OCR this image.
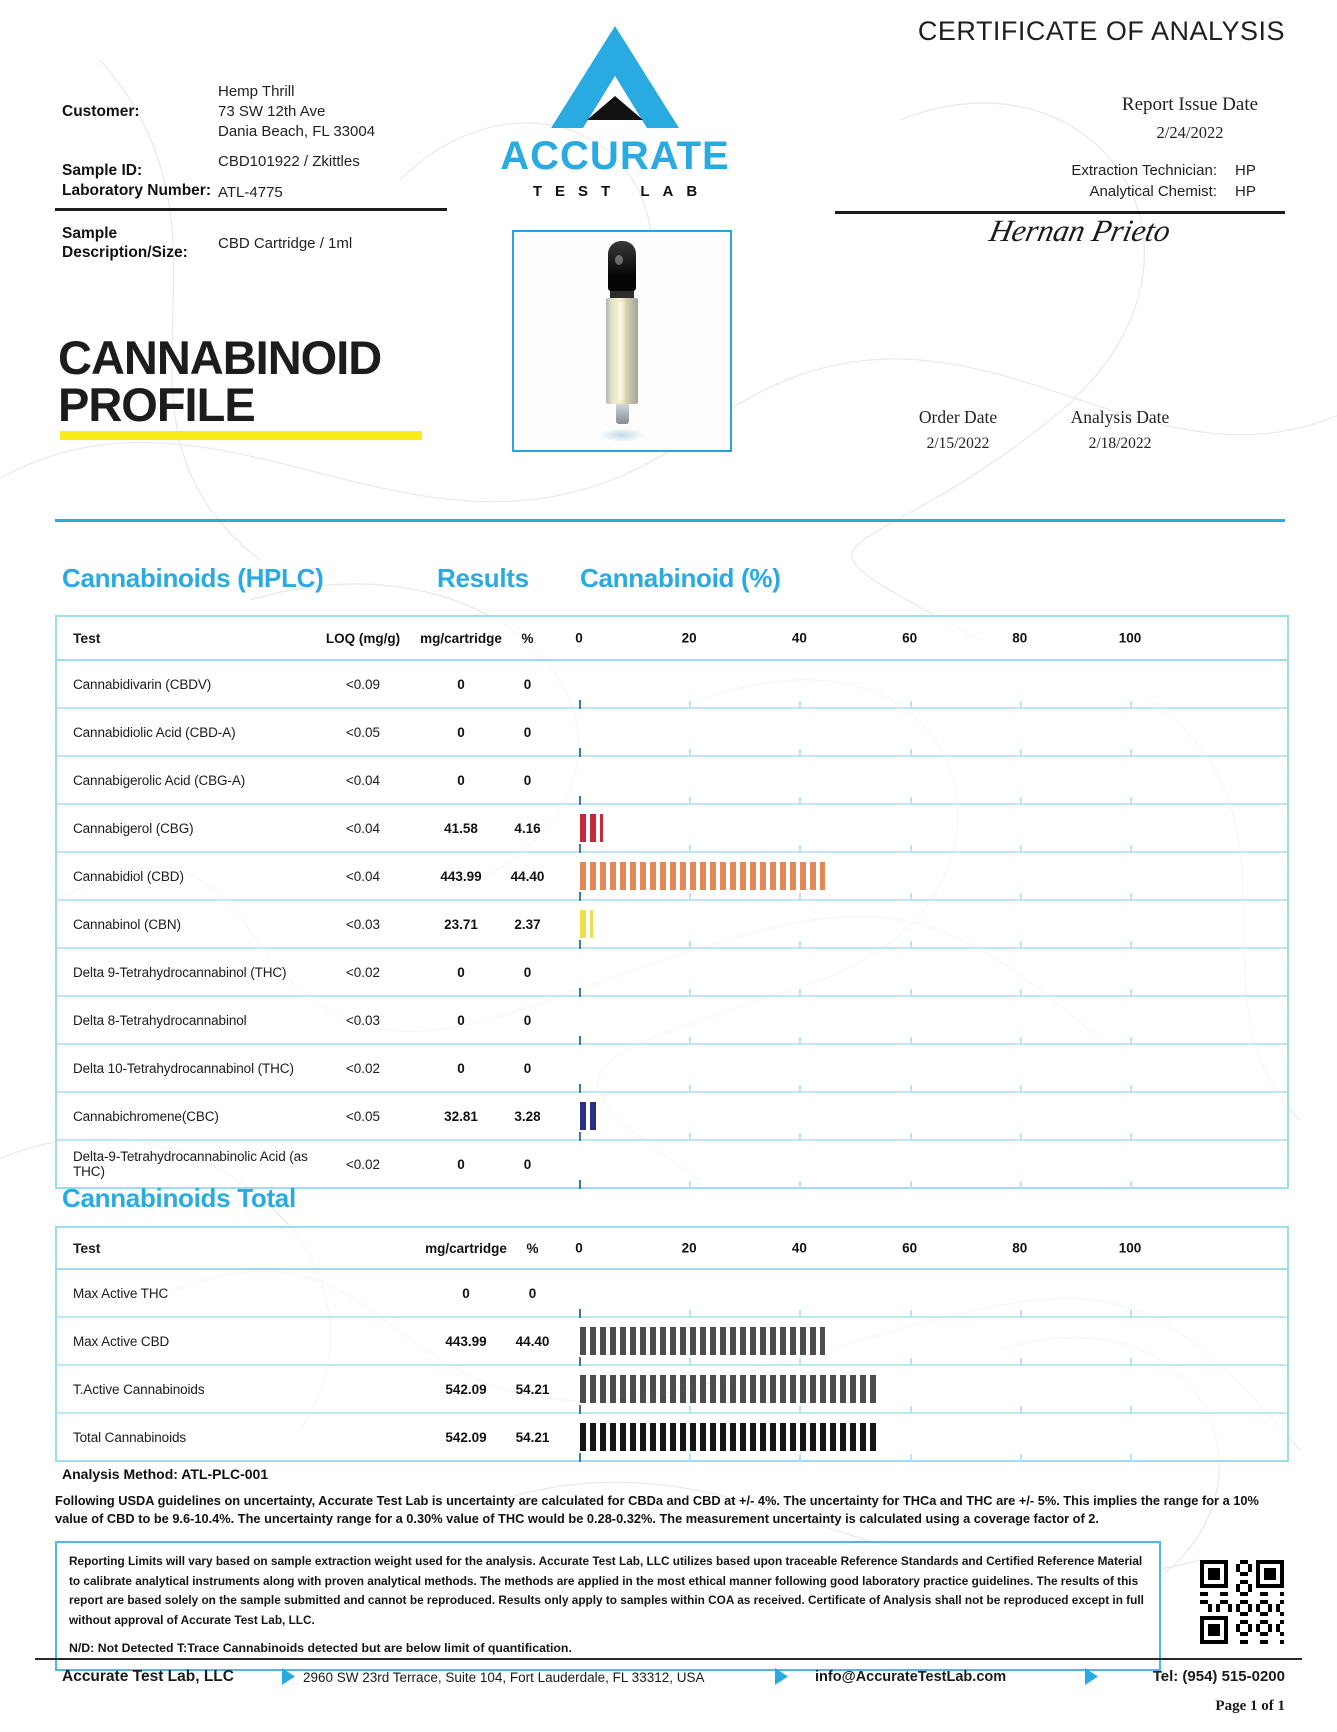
Customer:
Hemp Thrill
73 SW 12th Ave
Dania Beach, FL 33004
CBD101922 / Zkittles
Sample ID:
Laboratory Number: ATL-4775
Sample
Description/Size:
CBD Cartridge / 1ml
ACCURATE
TEST LAB
CERTIFICATE OF ANALYSIS
Report Issue Date
2/24/2022
Extraction Technician: HP
Analytical Chemist: HP
Hernan Prieto
CANNABINOID
PROFILE	Order Date
2/15/2022
Analysis Date
2/18/2022
Cannabinoids (HPLC)	Results Cannabinoid (%)
Test	LOQ (mg/g)	mg/cartridge	%	0	20	40	60	80	100
Cannabidivarin (CBDV)	<0.09	0	0
Cannabidiolic Acid (CBD-A)	<0.05	0	0
Cannabigerolic Acid (CBG-A)	<0.04	0	0
Cannabigerol (CBG)	<0.04	41.58	4.16
Cannabidiol (CBD)	<0.04	443.99	44.40
Cannabinol (CBN)	<0.03	23.71	2.37
Delta 9-Tetrahydrocannabinol (THC)	<0.02	0	0
Delta 8-Tetrahydrocannabinol	<0.03	0	0
Delta 10-Tetrahydrocannabinol (THC)	<0.02	0	0
Cannabichromene(CBC)	<0.05	32.81	3.28
Delta-9-Tetrahydrocannabinolic Acid (as THC)	<0.02	0	0
Cannabinoids Total
Test	mg/cartridge	%	0	20	40	60	80	100
Max Active THC	0	0
Max Active CBD	443.99	44.40
T.Active Cannabinoids	542.09	54.21
Total Cannabinoids	542.09	54.21
Analysis Method: ATL-PLC-001
Following USDA guidelines on uncertainty, Accurate Test Lab is uncertainty are calculated for CBDa and CBD at +/- 4%. The uncertainty for THCa and THC are +/- 5%. This implies the range for a 10% value of CBD to be 9.6-10.4%. The uncertainty range for a 0.30% value of THC would be 0.28-0.32%. The measurement uncertainty is calculated using a coverage factor of 2.
Reporting Limits will vary based on sample extraction weight used for the analysis. Accurate Test Lab, LLC utilizes based upon traceable Reference Standards and Certified Reference Material to calibrate analytical instruments along with proven analytical methods. The methods are applied in the most ethical manner following good laboratory practice guidelines. The results of this report are based solely on the sample submitted and cannot be reproduced. Results only apply to samples within COA as received. Certificate of Analysis shall not be reproduced except in full without approval of Accurate Test Lab, LLC.
N/D: Not Detected T:Trace Cannabinoids detected but are below limit of quantification.
Accurate Test Lab, LLC	2960 SW 23rd Terrace, Suite 104, Fort Lauderdale, FL 33312, USA	info@AccurateTestLab.com	Tel: (954) 515-0200
Page 1 of 1
